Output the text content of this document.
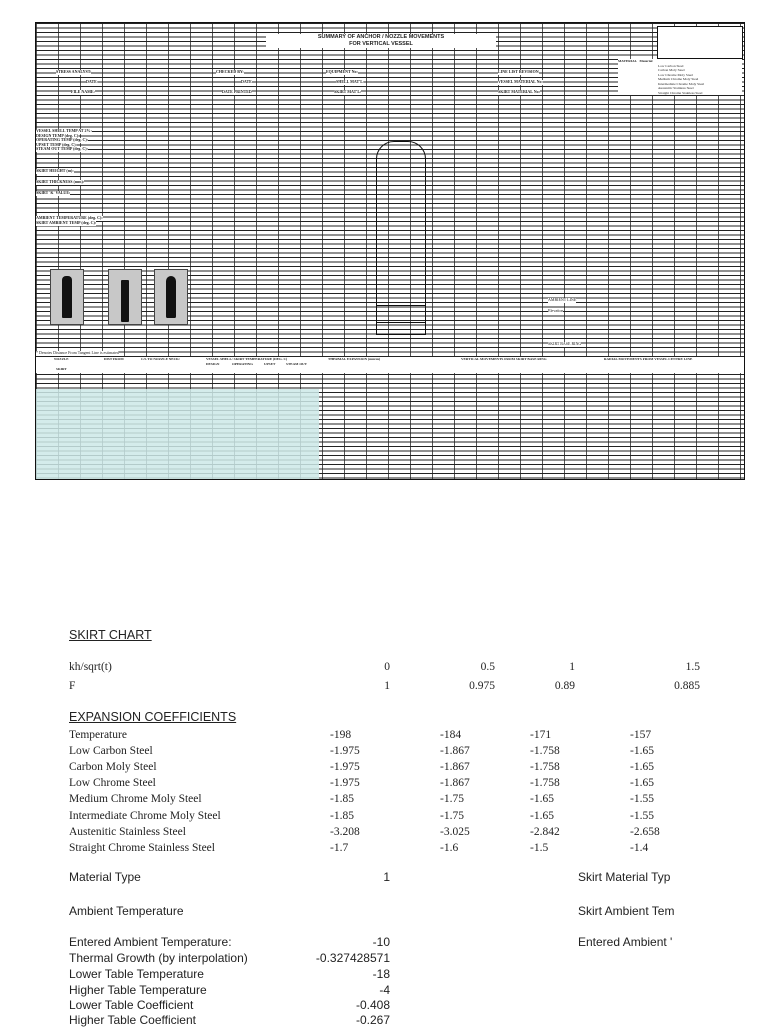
SUMMARY OF ANCHOR / NOZZLE MOVEMENTS
FOR VERTICAL VESSEL
STRESS ANALYST:	CHECKED BY:	EQUIPMENT No:	LINE LIST REVISION
DATE:	DATE	SHELL MAT'L:	VESSEL MATERIAL No:
FILE NAME:	DATE PRINTED	SKIRT MAT'L:	SKIRT MATERIAL No:
MATERIAL Material
Low Carbon Steel
Carbon Moly Steel
Low Chrome Moly Steel
Medium Chrome Moly Steel
Intermediate Chrome Moly Steel
Austenitic Stainless Steel
Straight Chrome Stainless Steel
VESSEL SHELL TEMP AT 2%:
DESIGN TEMP (deg. C):
OPERATING TEMP (deg. C):
UPSET TEMP (deg. C):
STEAM OUT TEMP (deg. C):
SKIRT HEIGHT (m):
SKIRT THICKNESS (mm):
SKIRT 'K' VALUE:
AMBIENT TEMPERATURE (deg. C):
SKIRT AMBIENT TEMP (deg. C):
AMBIENT LINE
Elevation
SKIRT BASE RING
* Denotes Distance From Tangent Line is estimated
NOZZLE	DIST FROM	C/L TO NOZZLE NECK/	VESSEL SHELL/ SKIRT TEMPERATURE (DEG. C)	THERMAL EXPANSION (mm/m)	VERTICAL MOVEMENTS FROM SKIRT BASE RING	RADIAL MOVEMENTS FROM VESSEL CENTRE LINE
DESIGN	OPERATING	UPSET	STEAM OUT
SKIRT
SKIRT CHART
kh/sqrt(t)	0	0.5	1	1.5
F	1	0.975	0.89	0.885
EXPANSION COEFFICIENTS
Temperature	-198	-184	-171	-157
Low Carbon Steel	-1.975	-1.867	-1.758	-1.65
Carbon Moly Steel	-1.975	-1.867	-1.758	-1.65
Low Chrome Steel	-1.975	-1.867	-1.758	-1.65
Medium Chrome Moly Steel	-1.85	-1.75	-1.65	-1.55
Intermediate Chrome Moly Steel	-1.85	-1.75	-1.65	-1.55
Austenitic Stainless Steel	-3.208	-3.025	-2.842	-2.658
Straight Chrome Stainless Steel	-1.7	-1.6	-1.5	-1.4
Material Type	1	Skirt Material Typ
Ambient Temperature	Skirt Ambient Tem
Entered Ambient Temperature:	-10	Entered Ambient '
Thermal Growth (by interpolation)	-0.327428571
Lower Table Temperature	-18
Higher Table Temperature	-4
Lower Table Coefficient	-0.408
Higher Table Coefficient	-0.267
